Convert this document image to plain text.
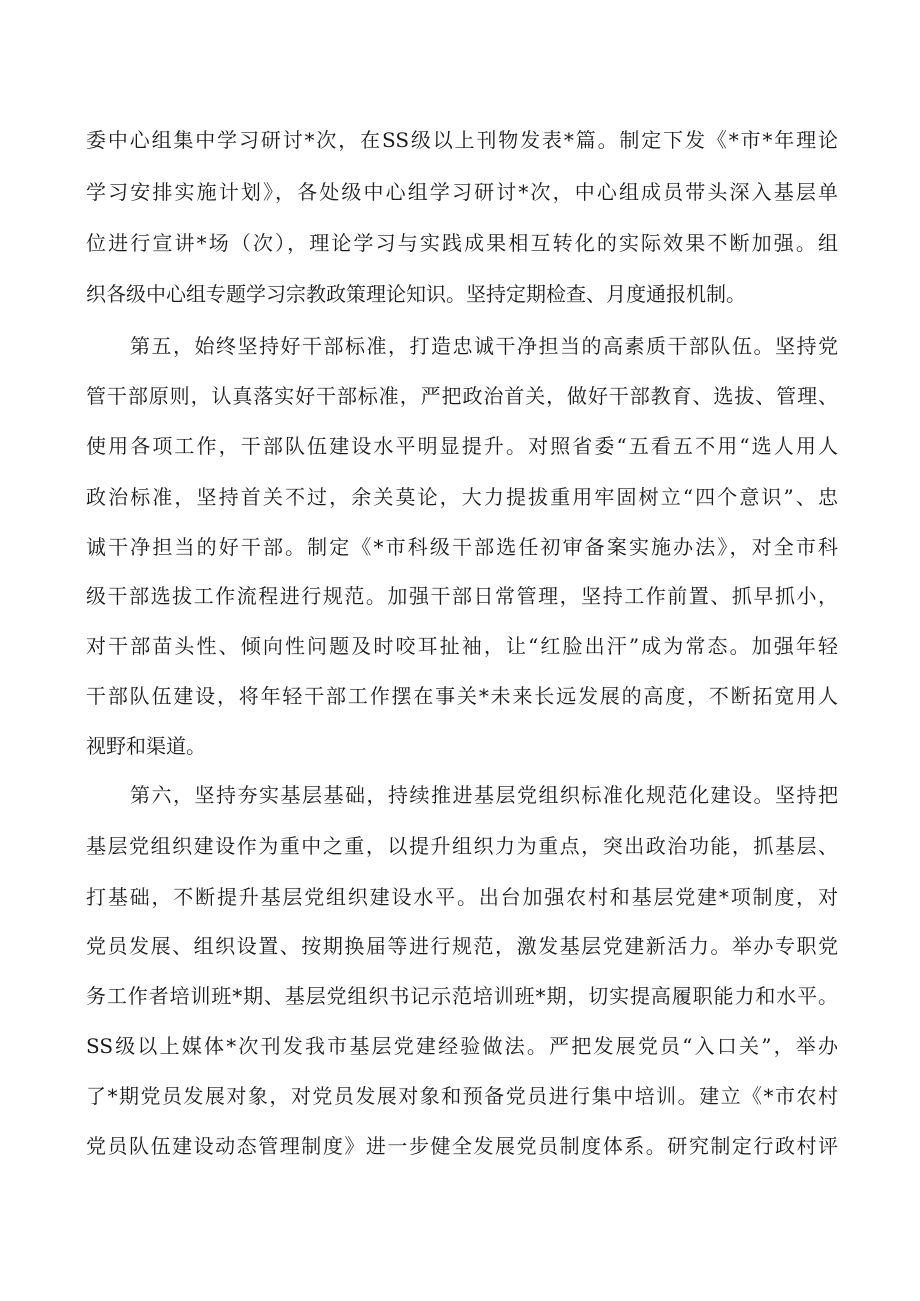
委中心组集中学习研讨*次，在SS级以上刊物发表*篇。制定下发《*市*年理论
学习安排实施计划》，各处级中心组学习研讨*次，中心组成员带头深入基层单
位进行宣讲*场（次），理论学习与实践成果相互转化的实际效果不断加强。组
织各级中心组专题学习宗教政策理论知识。坚持定期检查、月度通报机制。
第五，始终坚持好干部标准，打造忠诚干净担当的高素质干部队伍。坚持党
管干部原则，认真落实好干部标准，严把政治首关，做好干部教育、选拔、管理、
使用各项工作，干部队伍建设水平明显提升。对照省委“五看五不用“选人用人
政治标准，坚持首关不过，余关莫论，大力提拔重用牢固树立“四个意识”、忠
诚干净担当的好干部。制定《*市科级干部选任初审备案实施办法》，对全市科
级干部选拔工作流程进行规范。加强干部日常管理，坚持工作前置、抓早抓小，
对干部苗头性、倾向性问题及时咬耳扯袖，让“红脸出汗”成为常态。加强年轻
干部队伍建设，将年轻干部工作摆在事关*未来长远发展的高度，不断拓宽用人
视野和渠道。
第六，坚持夯实基层基础，持续推进基层党组织标准化规范化建设。坚持把
基层党组织建设作为重中之重，以提升组织力为重点，突出政治功能，抓基层、
打基础，不断提升基层党组织建设水平。出台加强农村和基层党建*项制度，对
党员发展、组织设置、按期换届等进行规范，激发基层党建新活力。举办专职党
务工作者培训班*期、基层党组织书记示范培训班*期，切实提高履职能力和水平。
SS级以上媒体*次刊发我市基层党建经验做法。严把发展党员“入口关”，举办
了*期党员发展对象，对党员发展对象和预备党员进行集中培训。建立《*市农村
党员队伍建设动态管理制度》进一步健全发展党员制度体系。研究制定行政村评
